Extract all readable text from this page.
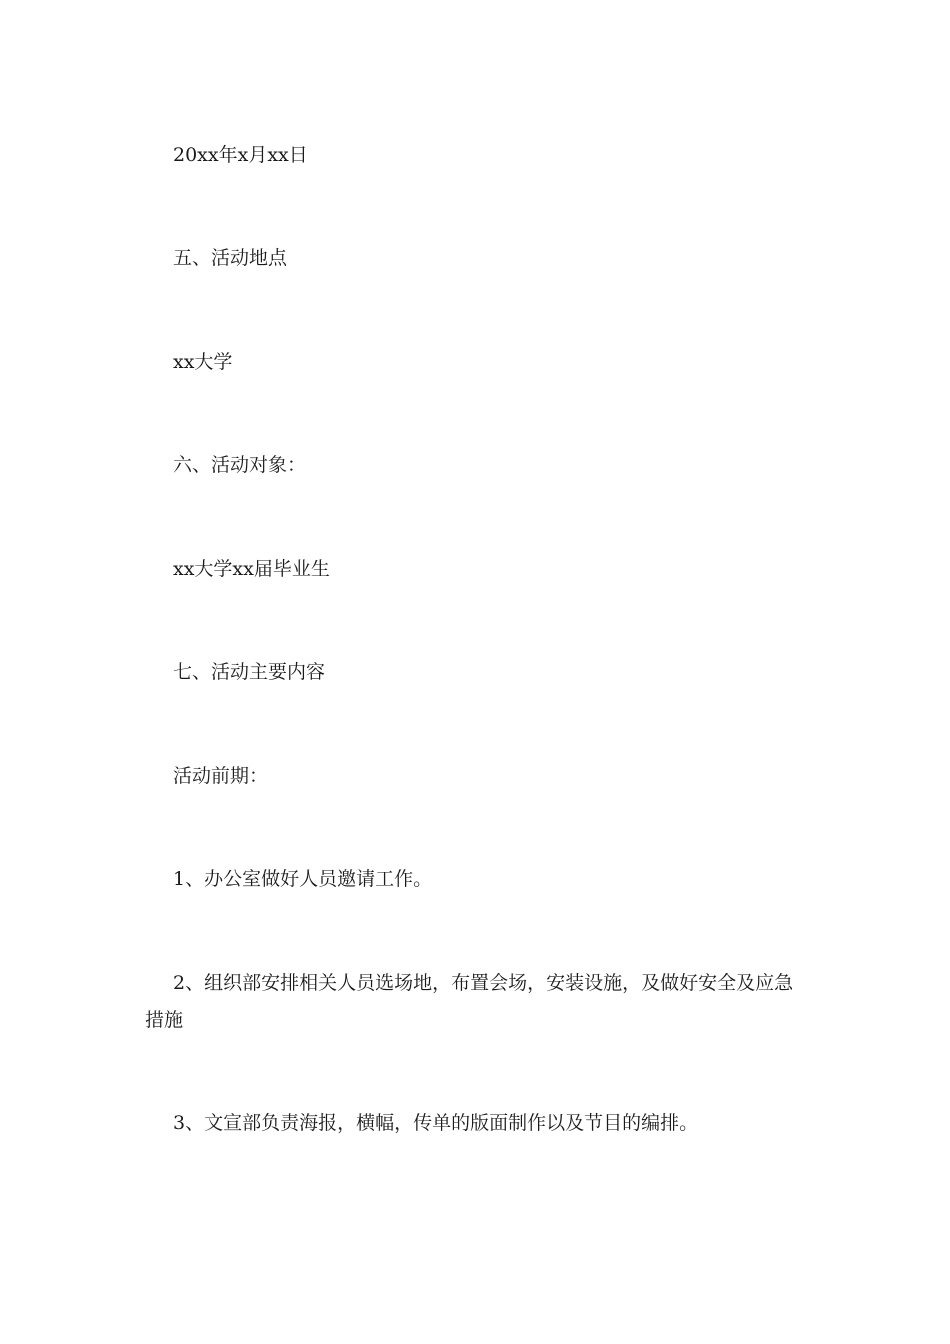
20xx年x月xx日

五、活动地点

xx大学

六、活动对象：

xx大学xx届毕业生

七、活动主要内容

活动前期：

1、办公室做好人员邀请工作。

2、组织部安排相关人员选场地，布置会场，安装设施，及做好安全及应急措施

3、文宣部负责海报，横幅，传单的版面制作以及节目的编排。
